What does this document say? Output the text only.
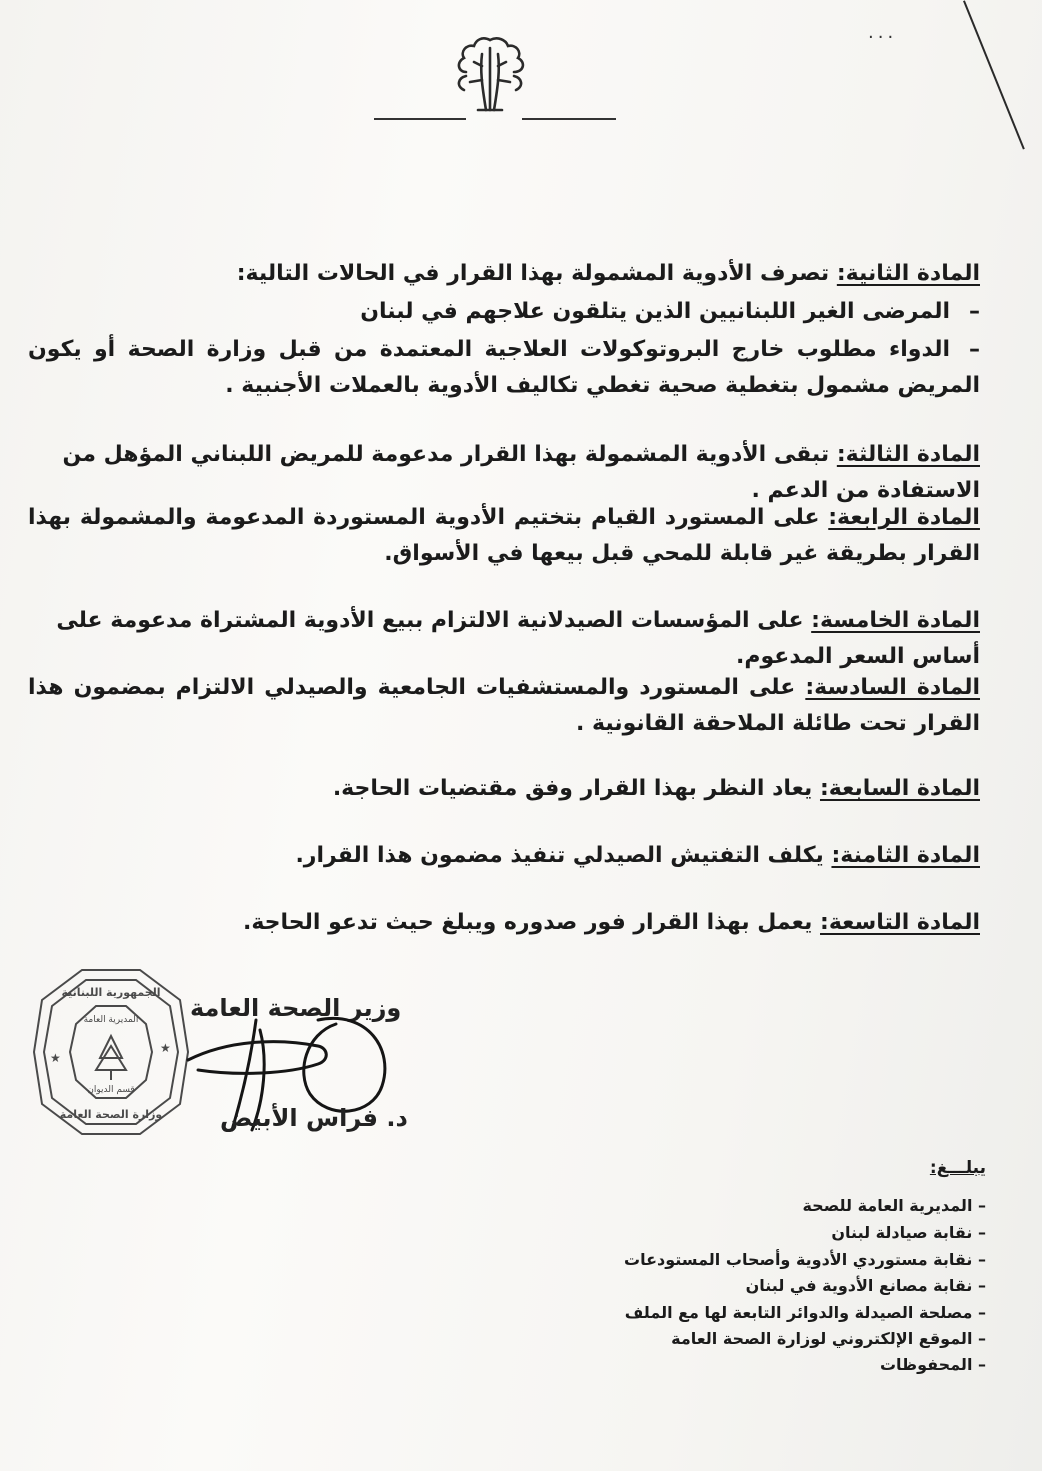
...
المادة الثانية: تصرف الأدوية المشمولة بهذا القرار في الحالات التالية:
–المرضى الغير اللبنانيين الذين يتلقون علاجهم في لبنان
–الدواء مطلوب خارج البروتوكولات العلاجية المعتمدة من قبل وزارة الصحة أو يكون المريض مشمول بتغطية صحية تغطي تكاليف الأدوية بالعملات الأجنبية .
المادة الثالثة: تبقى الأدوية المشمولة بهذا القرار مدعومة للمريض اللبناني المؤهل من الاستفادة من الدعم .
المادة الرابعة: على المستورد القيام بتختيم الأدوية المستوردة المدعومة والمشمولة بهذا القرار بطريقة غير قابلة للمحي قبل بيعها في الأسواق.
المادة الخامسة: على المؤسسات الصيدلانية الالتزام ببيع الأدوية المشتراة مدعومة على أساس السعر المدعوم.
المادة السادسة: على المستورد والمستشفيات الجامعية والصيدلي الالتزام بمضمون هذا القرار تحت طائلة الملاحقة القانونية .
المادة السابعة: يعاد النظر بهذا القرار وفق مقتضيات الحاجة.
المادة الثامنة: يكلف التفتيش الصيدلي تنفيذ مضمون هذا القرار.
المادة التاسعة: يعمل بهذا القرار فور صدوره ويبلغ حيث تدعو الحاجة.
★
★
الجمهورية اللبنانية
المديرية العامة
قسم الديوان
وزارة الصحة العامة
وزير الصحة العامة
د. فراس الأبيض
يبلـــغ:
– المديرية العامة للصحة
– نقابة صيادلة لبنان
– نقابة مستوردي الأدوية وأصحاب المستودعات
– نقابة مصانع الأدوية في لبنان
– مصلحة الصيدلة والدوائر التابعة لها مع الملف
– الموقع الإلكتروني لوزارة الصحة العامة
– المحفوظات
